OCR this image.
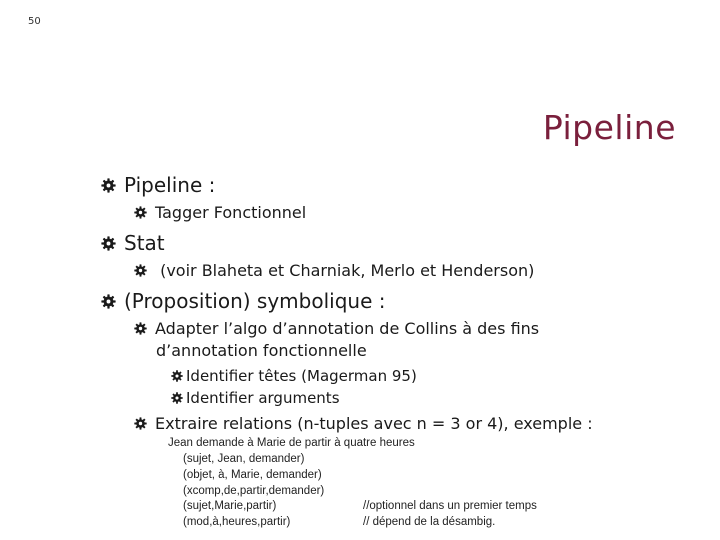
50
Pipeline
Pipeline :
Tagger Fonctionnel
Stat
(voir Blaheta et Charniak, Merlo et Henderson)
(Proposition) symbolique :
Adapter l’algo d’annotation de Collins à des fins
d’annotation fonctionnelle
Identifier têtes (Magerman 95)
Identifier arguments
Extraire relations (n-tuples avec n = 3 or 4), exemple :
Jean demande à Marie de partir à quatre heures
(sujet, Jean, demander)
(objet, à, Marie, demander)
(xcomp,de,partir,demander)
(sujet,Marie,partir)
(mod,à,heures,partir)
//optionnel dans un premier temps
// dépend de la désambig.
